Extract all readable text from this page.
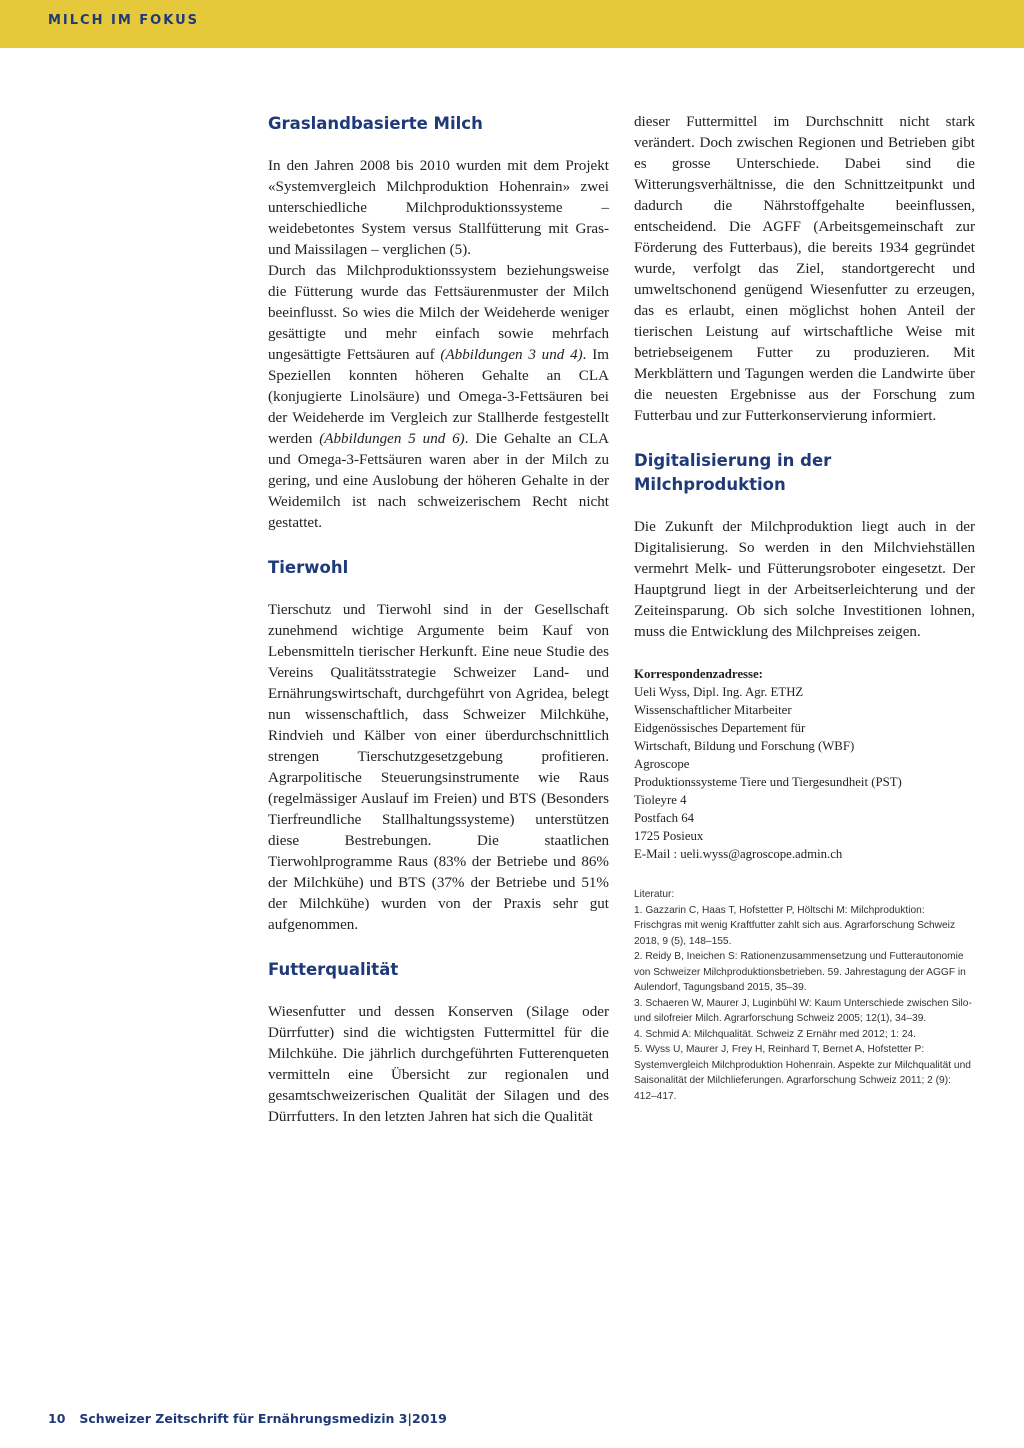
MILCH IM FOKUS
Graslandbasierte Milch

In den Jahren 2008 bis 2010 wurden mit dem Projekt «Systemvergleich Milchproduktion Hohenrain» zwei unterschiedliche Milchproduktionssysteme – weidebetontes System versus Stallfütterung mit Gras- und Maissilagen – verglichen (5).

Durch das Milchproduktionssystem beziehungsweise die Fütterung wurde das Fettsäurenmuster der Milch beeinflusst. So wies die Milch der Weideherde weniger gesättigte und mehr einfach sowie mehrfach ungesättigte Fettsäuren auf (Abbildungen 3 und 4). Im Speziellen konnten höheren Gehalte an CLA (konjugierte Linolsäure) und Omega-3-Fettsäuren bei der Weideherde im Vergleich zur Stallherde festgestellt werden (Abbildungen 5 und 6). Die Gehalte an CLA und Omega-3-Fettsäuren waren aber in der Milch zu gering, und eine Auslobung der höheren Gehalte in der Weidemilch ist nach schweizerischem Recht nicht gestattet.

Tierwohl

Tierschutz und Tierwohl sind in der Gesellschaft zunehmend wichtige Argumente beim Kauf von Lebensmitteln tierischer Herkunft. Eine neue Studie des Vereins Qualitätsstrategie Schweizer Land- und Ernährungswirtschaft, durchgeführt von Agridea, belegt nun wissenschaftlich, dass Schweizer Milchkühe, Rindvieh und Kälber von einer überdurchschnittlich strengen Tierschutzgesetzgebung profitieren. Agrarpolitische Steuerungsinstrumente wie Raus (regelmässiger Auslauf im Freien) und BTS (Besonders Tierfreundliche Stallhaltungssysteme) unterstützen diese Bestrebungen. Die staatlichen Tierwohlprogramme Raus (83% der Betriebe und 86% der Milchkühe) und BTS (37% der Betriebe und 51% der Milchkühe) wurden von der Praxis sehr gut aufgenommen.

Futterqualität

Wiesenfutter und dessen Konserven (Silage oder Dürrfutter) sind die wichtigsten Futtermittel für die Milchkühe. Die jährlich durchgeführten Futterenqueten vermitteln eine Übersicht zur regionalen und gesamtschweizerischen Qualität der Silagen und des Dürrfutters. In den letzten Jahren hat sich die Qualität

dieser Futtermittel im Durchschnitt nicht stark verändert. Doch zwischen Regionen und Betrieben gibt es grosse Unterschiede. Dabei sind die Witterungsverhältnisse, die den Schnittzeitpunkt und dadurch die Nährstoffgehalte beeinflussen, entscheidend. Die AGFF (Arbeitsgemeinschaft zur Förderung des Futterbaus), die bereits 1934 gegründet wurde, verfolgt das Ziel, standortgerecht und umweltschonend genügend Wiesenfutter zu erzeugen, das es erlaubt, einen möglichst hohen Anteil der tierischen Leistung auf wirtschaftliche Weise mit betriebseigenem Futter zu produzieren. Mit Merkblättern und Tagungen werden die Landwirte über die neuesten Ergebnisse aus der Forschung zum Futterbau und zur Futterkonservierung informiert.

Digitalisierung in der Milchproduktion

Die Zukunft der Milchproduktion liegt auch in der Digitalisierung. So werden in den Milchviehställen vermehrt Melk- und Fütterungsroboter eingesetzt. Der Hauptgrund liegt in der Arbeitserleichterung und der Zeiteinsparung. Ob sich solche Investitionen lohnen, muss die Entwicklung des Milchpreises zeigen.

Korrespondenzadresse:
Ueli Wyss, Dipl. Ing. Agr. ETHZ
Wissenschaftlicher Mitarbeiter
Eidgenössisches Departement für
Wirtschaft, Bildung und Forschung (WBF)
Agroscope
Produktionssysteme Tiere und Tiergesundheit (PST)
Tioleyre 4
Postfach 64
1725 Posieux
E-Mail : ueli.wyss@agroscope.admin.ch
Literatur:
1. Gazzarin C, Haas T, Hofstetter P, Höltschi M: Milchproduktion: Frischgras mit wenig Kraftfutter zahlt sich aus. Agrarforschung Schweiz 2018, 9 (5), 148–155.
2. Reidy B, Ineichen S: Rationenzusammensetzung und Futterautonomie von Schweizer Milchproduktionsbetrieben. 59. Jahrestagung der AGGF in Aulendorf, Tagungsband 2015, 35–39.
3. Schaeren W, Maurer J, Luginbühl W: Kaum Unterschiede zwischen Silo- und silofreier Milch. Agrarforschung Schweiz 2005; 12(1), 34–39.
4. Schmid A: Milchqualität. Schweiz Z Ernähr med 2012; 1: 24.
5. Wyss U, Maurer J, Frey H, Reinhard T, Bernet A, Hofstetter P: Systemvergleich Milchproduktion Hohenrain. Aspekte zur Milchqualität und Saisonalität der Milchlieferungen. Agrarforschung Schweiz 2011; 2 (9): 412–417.
10 Schweizer Zeitschrift für Ernährungsmedizin 3|2019
